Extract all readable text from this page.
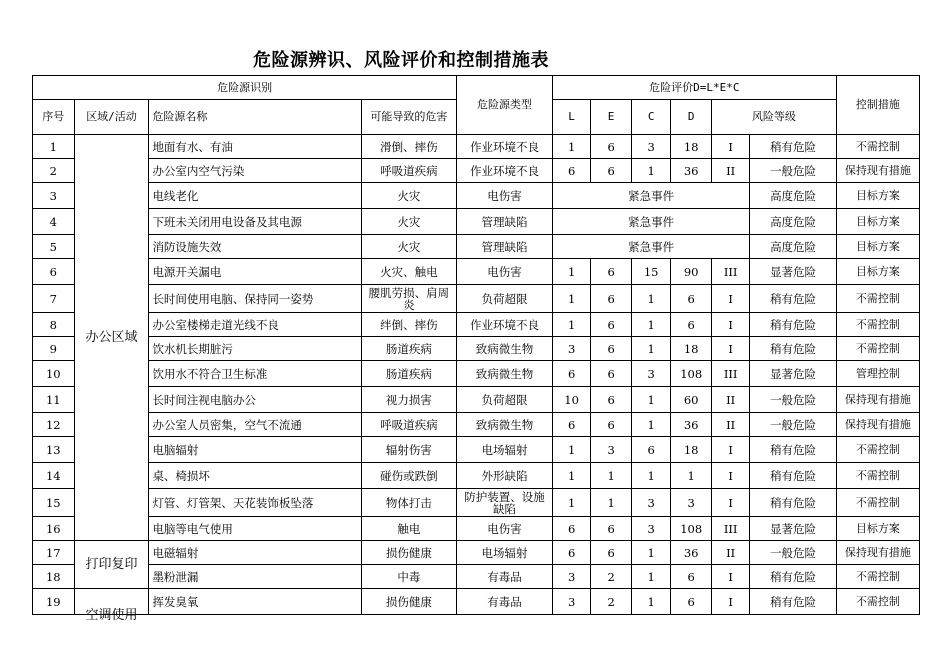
危险源辨识、风险评价和控制措施表
危险源识别				危险源类型	危险评价D=L*E*C						控制措施
序号	区域/活动	危险源名称	可能导致的危害		L	E	C	D	风险等级		
1	办公区域	地面有水、有油	滑倒、摔伤	作业环境不良	1	6	3	18	I	稍有危险	不需控制
2		办公室内空气污染	呼吸道疾病	作业环境不良	6	6	1	36	II	一般危险	保持现有措施
3		电线老化	火灾	电伤害	紧急事件					高度危险	目标方案
4		下班未关闭用电设备及其电源	火灾	管理缺陷	紧急事件					高度危险	目标方案
5		消防设施失效	火灾	管理缺陷	紧急事件					高度危险	目标方案
6		电源开关漏电	火灾、触电	电伤害	1	6	15	90	III	显著危险	目标方案
7		长时间使用电脑、保持同一姿势	腰肌劳损、肩周炎	负荷超限	1	6	1	6	I	稍有危险	不需控制
8		办公室楼梯走道光线不良	绊倒、摔伤	作业环境不良	1	6	1	6	I	稍有危险	不需控制
9		饮水机长期脏污	肠道疾病	致病微生物	3	6	1	18	I	稍有危险	不需控制
10		饮用水不符合卫生标准	肠道疾病	致病微生物	6	6	3	108	III	显著危险	管理控制
11		长时间注视电脑办公	视力损害	负荷超限	10	6	1	60	II	一般危险	保持现有措施
12		办公室人员密集，空气不流通	呼吸道疾病	致病微生物	6	6	1	36	II	一般危险	保持现有措施
13		电脑辐射	辐射伤害	电场辐射	1	3	6	18	I	稍有危险	不需控制
14		桌、椅损坏	碰伤或跌倒	外形缺陷	1	1	1	1	I	稍有危险	不需控制
15		灯管、灯管架、天花装饰板坠落	物体打击	防护装置、设施缺陷	1	1	3	3	I	稍有危险	不需控制
16		电脑等电气使用	触电	电伤害	6	6	3	108	III	显著危险	目标方案
17	打印复印	电磁辐射	损伤健康	电场辐射	6	6	1	36	II	一般危险	保持现有措施
18		墨粉泄漏	中毒	有毒品	3	2	1	6	I	稍有危险	不需控制
19	空调使用	挥发臭氧	损伤健康	有毒品	3	2	1	6	I	稍有危险	不需控制
